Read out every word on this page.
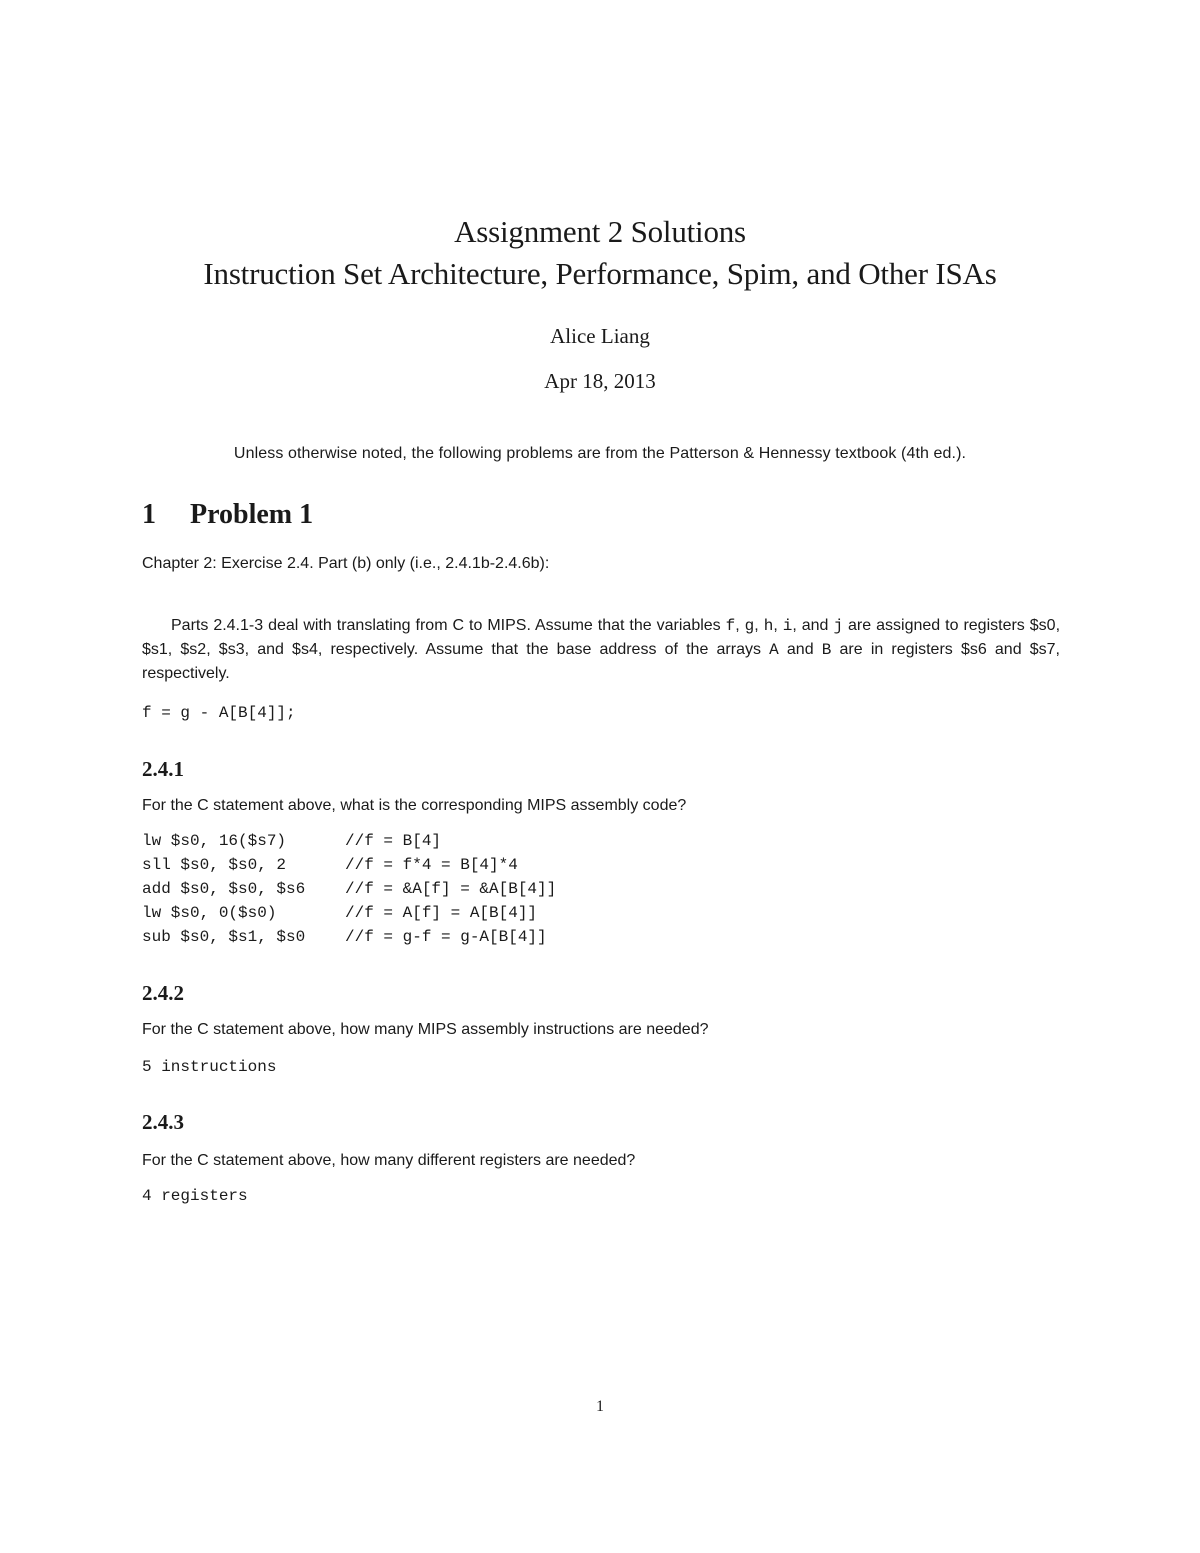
Assignment 2 Solutions
Instruction Set Architecture, Performance, Spim, and Other ISAs
Alice Liang
Apr 18, 2013
Unless otherwise noted, the following problems are from the Patterson & Hennessy textbook (4th ed.).
1 Problem 1
Chapter 2: Exercise 2.4. Part (b) only (i.e., 2.4.1b-2.4.6b):
Parts 2.4.1-3 deal with translating from C to MIPS. Assume that the variables f, g, h, i, and j are assigned to registers $s0, $s1, $s2, $s3, and $s4, respectively. Assume that the base address of the arrays A and B are in registers $s6 and $s7, respectively.
f = g - A[B[4]];
2.4.1
For the C statement above, what is the corresponding MIPS assembly code?
lw $s0, 16($s7)	//f = B[4]
sll $s0, $s0, 2	//f = f*4 = B[4]*4
add $s0, $s0, $s6	//f = &A[f] = &A[B[4]]
lw $s0, 0($s0)	//f = A[f] = A[B[4]]
sub $s0, $s1, $s0	//f = g-f = g-A[B[4]]
2.4.2
For the C statement above, how many MIPS assembly instructions are needed?
5 instructions
2.4.3
For the C statement above, how many different registers are needed?
4 registers
1
